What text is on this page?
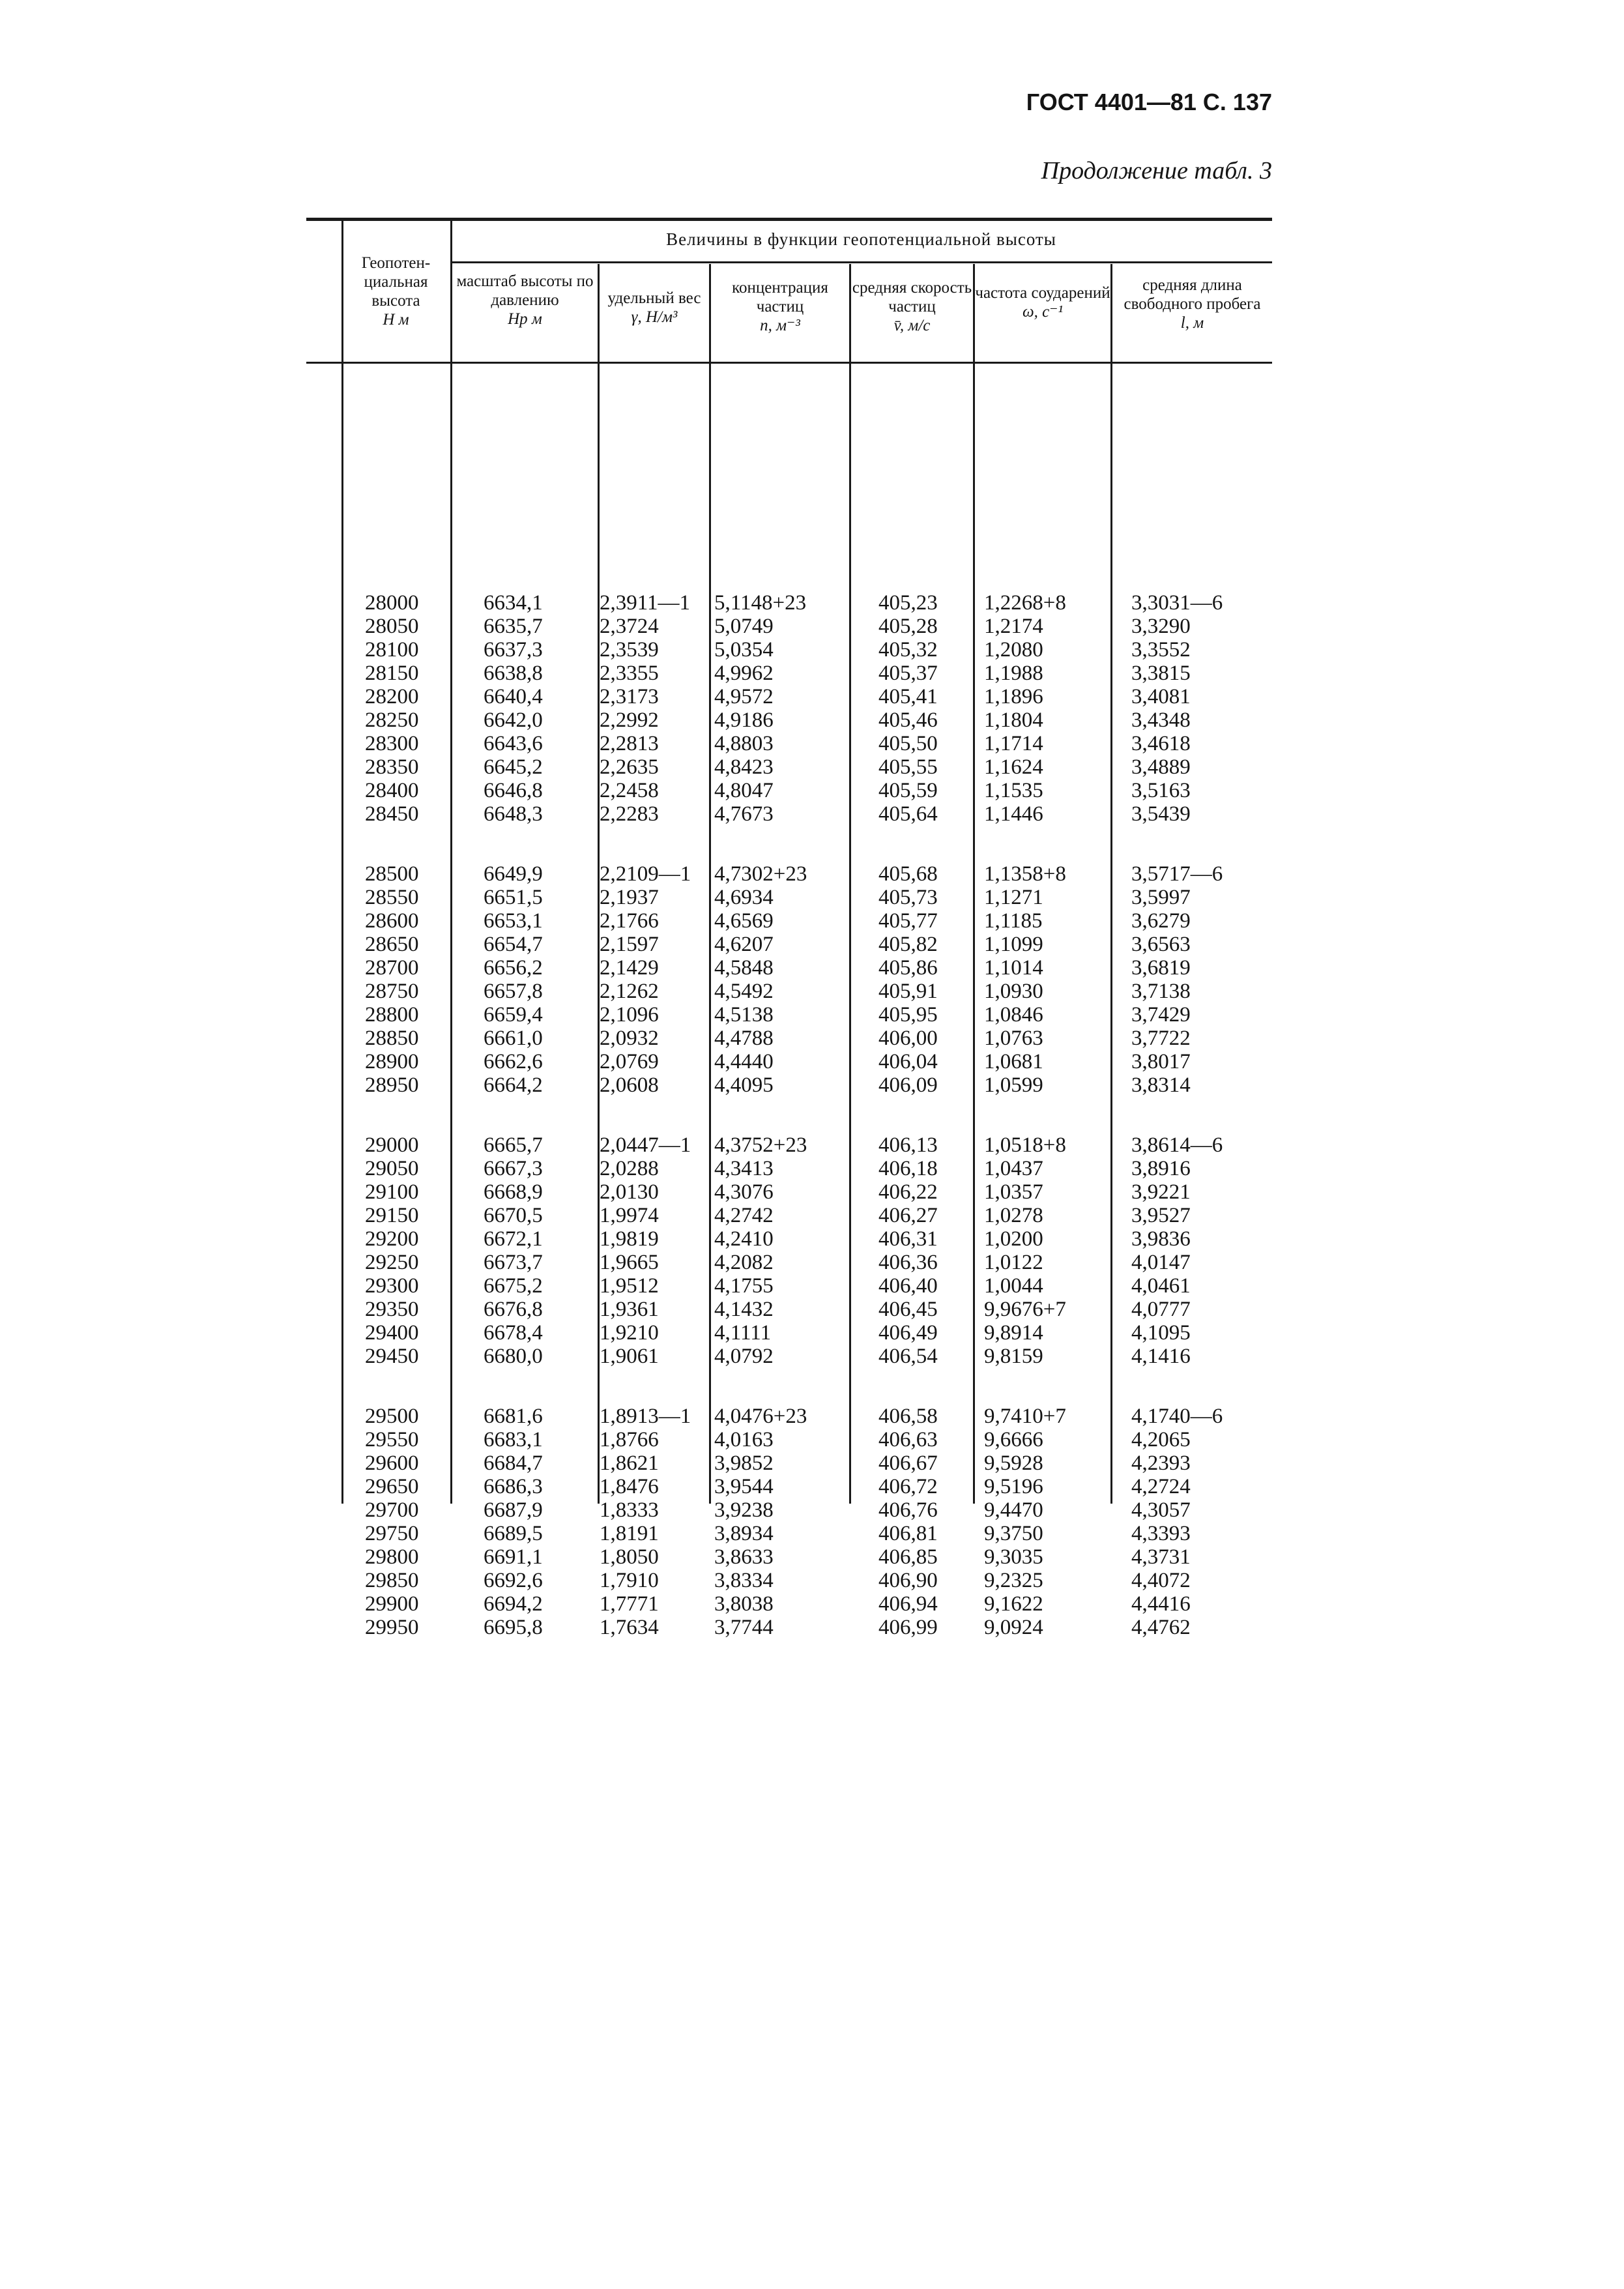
ГОСТ 4401—81 С. 137
Продолжение табл. 3
Величины в функции геопотенциальной высоты
Геопотен-циальная высота
H м
масштаб высоты по давлению
Hp м
удельный вес
γ, Н/м³
концентрация частиц
n, м⁻³
средняя скорость частиц
v̄, м/с
частота соударений
ω, с⁻¹
средняя длина свободного пробега
l, м
28000	6634,1	2,3911—1 5,1148+23	405,23 1,2268+8	3,3031—6
28050	6635,7	2,3724	5,0749	405,28 1,2174	3,3290
28100	6637,3	2,3539	5,0354	405,32 1,2080	3,3552
28150	6638,8	2,3355	4,9962	405,37 1,1988	3,3815
28200	6640,4	2,3173	4,9572	405,41 1,1896	3,4081
28250	6642,0	2,2992	4,9186	405,46 1,1804	3,4348
28300	6643,6	2,2813	4,8803	405,50 1,1714	3,4618
28350	6645,2	2,2635	4,8423	405,55 1,1624	3,4889
28400	6646,8	2,2458	4,8047	405,59 1,1535	3,5163
28450	6648,3	2,2283	4,7673	405,64 1,1446	3,5439
28500	6649,9	2,2109—1 4,7302+23	405,68 1,1358+8	3,5717—6
28550	6651,5	2,1937	4,6934	405,73 1,1271	3,5997
28600	6653,1	2,1766	4,6569	405,77 1,1185	3,6279
28650	6654,7	2,1597	4,6207	405,82 1,1099	3,6563
28700	6656,2	2,1429	4,5848	405,86 1,1014	3,6819
28750	6657,8	2,1262	4,5492	405,91 1,0930	3,7138
28800	6659,4	2,1096	4,5138	405,95 1,0846	3,7429
28850	6661,0	2,0932	4,4788	406,00 1,0763	3,7722
28900	6662,6	2,0769	4,4440	406,04 1,0681	3,8017
28950	6664,2	2,0608	4,4095	406,09 1,0599	3,8314
29000	6665,7	2,0447—1 4,3752+23	406,13 1,0518+8	3,8614—6
29050	6667,3	2,0288	4,3413	406,18 1,0437	3,8916
29100	6668,9	2,0130	4,3076	406,22 1,0357	3,9221
29150	6670,5	1,9974	4,2742	406,27 1,0278	3,9527
29200	6672,1	1,9819	4,2410	406,31 1,0200	3,9836
29250	6673,7	1,9665	4,2082	406,36 1,0122	4,0147
29300	6675,2	1,9512	4,1755	406,40 1,0044	4,0461
29350	6676,8	1,9361	4,1432	406,45 9,9676+7	4,0777
29400	6678,4	1,9210	4,1111	406,49 9,8914	4,1095
29450	6680,0	1,9061	4,0792	406,54 9,8159	4,1416
29500	6681,6	1,8913—1 4,0476+23	406,58 9,7410+7	4,1740—6
29550	6683,1	1,8766	4,0163	406,63 9,6666	4,2065
29600	6684,7	1,8621	3,9852	406,67 9,5928	4,2393
29650	6686,3	1,8476	3,9544	406,72 9,5196	4,2724
29700	6687,9	1,8333	3,9238	406,76 9,4470	4,3057
29750	6689,5	1,8191	3,8934	406,81 9,3750	4,3393
29800	6691,1	1,8050	3,8633	406,85 9,3035	4,3731
29850	6692,6	1,7910	3,8334	406,90 9,2325	4,4072
29900	6694,2	1,7771	3,8038	406,94 9,1622	4,4416
29950	6695,8	1,7634	3,7744	406,99 9,0924	4,4762
